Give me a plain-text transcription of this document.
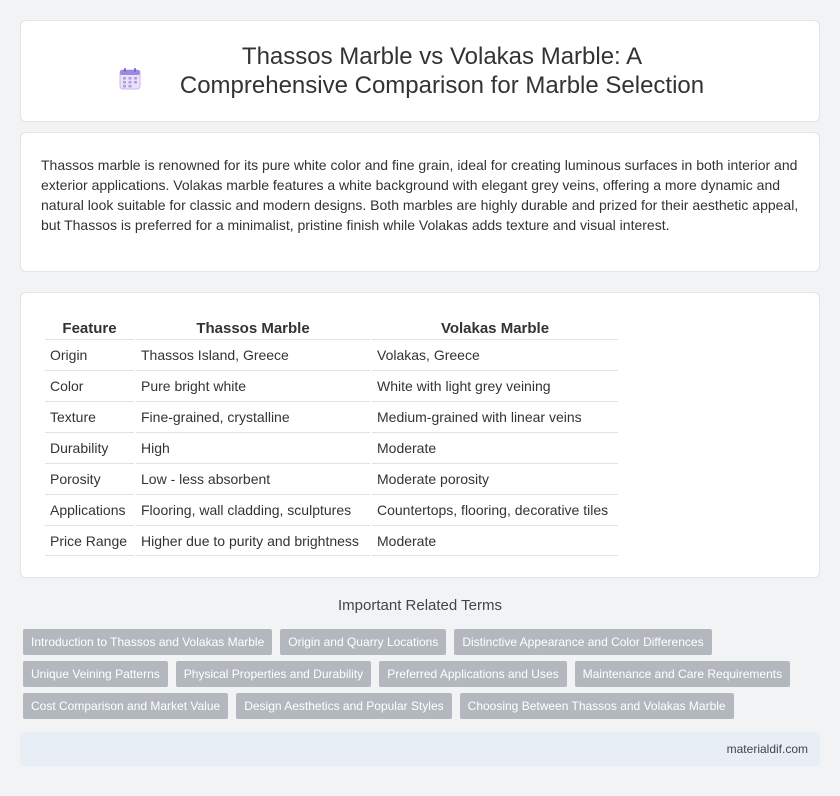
Thassos Marble vs Volakas Marble: A Comprehensive Comparison for Marble Selection

Thassos marble is renowned for its pure white color and fine grain, ideal for creating luminous surfaces in both interior and exterior applications. Volakas marble features a white background with elegant grey veins, offering a more dynamic and natural look suitable for classic and modern designs. Both marbles are highly durable and prized for their aesthetic appeal, but Thassos is preferred for a minimalist, pristine finish while Volakas adds texture and visual interest.

Feature	Thassos Marble	Volakas Marble
Origin	Thassos Island, Greece	Volakas, Greece
Color	Pure bright white	White with light grey veining
Texture	Fine-grained, crystalline	Medium-grained with linear veins
Durability	High	Moderate
Porosity	Low - less absorbent	Moderate porosity
Applications	Flooring, wall cladding, sculptures	Countertops, flooring, decorative tiles
Price Range	Higher due to purity and brightness	Moderate
Important Related Terms
Introduction to Thassos and Volakas Marble	Origin and Quarry Locations	Distinctive Appearance and Color Differences
Unique Veining Patterns	Physical Properties and Durability	Preferred Applications and Uses	Maintenance and Care Requirements
Cost Comparison and Market Value	Design Aesthetics and Popular Styles	Choosing Between Thassos and Volakas Marble
materialdif.com
